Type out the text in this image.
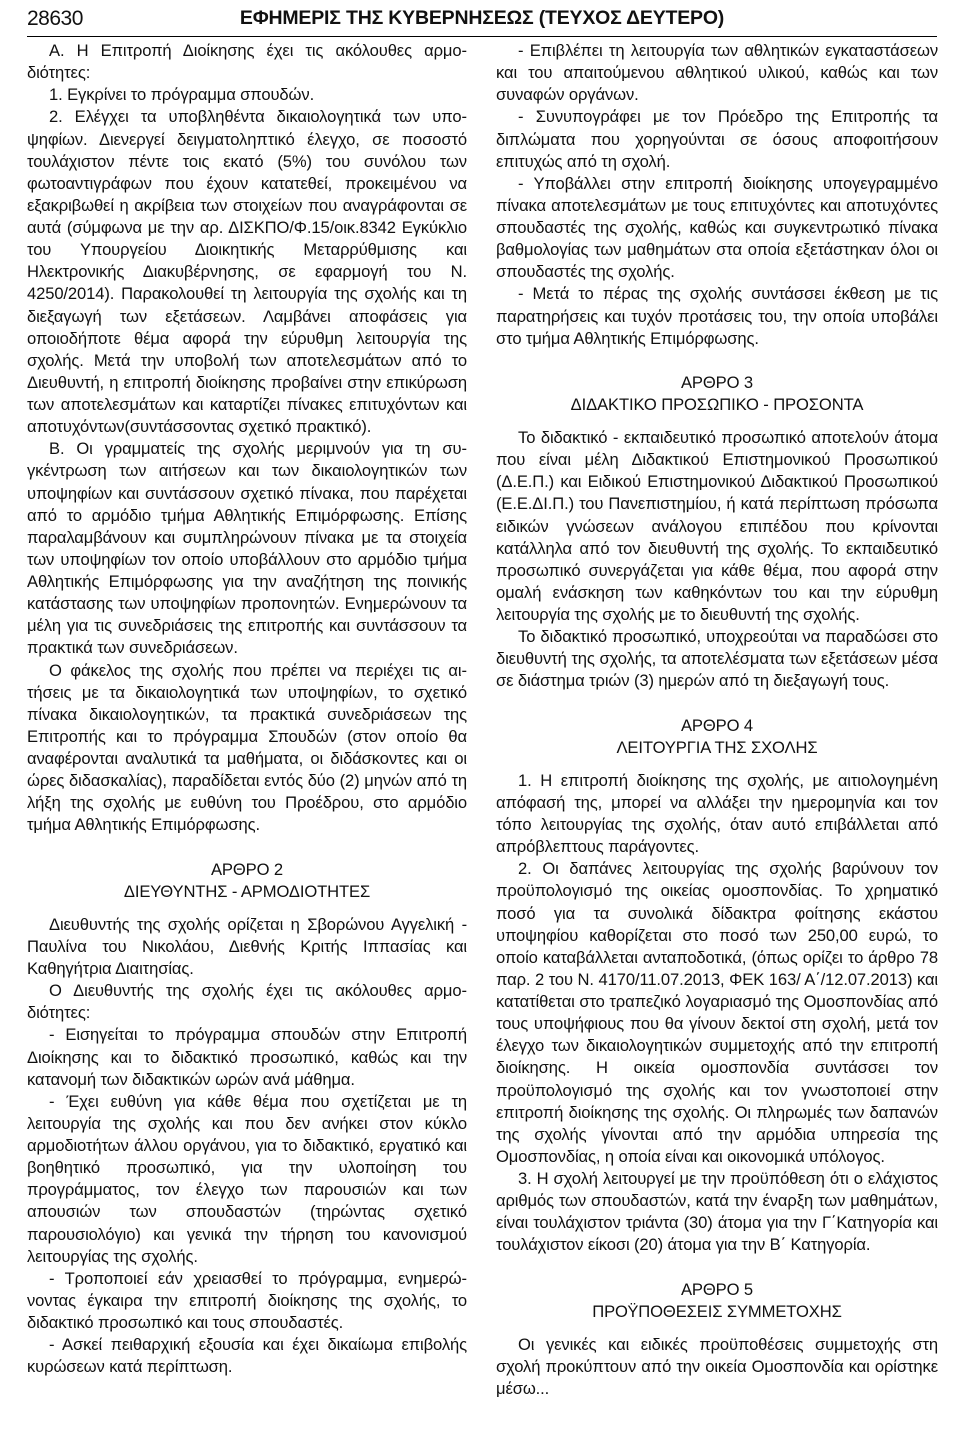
28630	ΕΦΗΜΕΡΙΣ ΤΗΣ ΚΥΒΕΡΝΗΣΕΩΣ (ΤΕΥΧΟΣ ΔΕΥΤΕΡΟ)

A. Η Επιτροπή Διοίκησης έχει τις ακόλουθες αρμοδιότητες:

1. Εγκρίνει το πρόγραμμα σπουδών.

2. Ελέγχει τα υποβληθέντα δικαιολογητικά των υποψηφίων. Διενεργεί δειγματοληπτικό έλεγχο, σε ποσοστό τουλάχιστον πέντε τοις εκατό (5%) του συνόλου των φωτοαντιγράφων που έχουν κατατεθεί, προκειμένου να εξακριβωθεί η ακρίβεια των στοιχείων που αναγράφονται σε αυτά (σύμφωνα με την αρ. ΔΙΣΚΠΟ/Φ.15/οικ.8342 Εγκύκλιο του Υπουργείου Διοικητικής Μεταρρύθμισης και Ηλεκτρονικής Διακυβέρνησης, σε εφαρμογή του Ν. 4250/2014). Παρακολουθεί τη λειτουργία της σχολής και τη διεξαγωγή των εξετάσεων. Λαμβάνει αποφάσεις για οποιοδήποτε θέμα αφορά την εύρυθμη λειτουργία της σχολής. Μετά την υποβολή των αποτελεσμάτων από το Διευθυντή, η επιτροπή διοίκησης προβαίνει στην επικύρωση των αποτελεσμάτων και καταρτίζει πίνακες επιτυχόντων και αποτυχόντων(συντάσσοντας σχετικό πρακτικό).

Β. Οι γραμματείς της σχολής μεριμνούν για τη συγκέντρωση των αιτήσεων και των δικαιολογητικών των υποψηφίων και συντάσσουν σχετικό πίνακα, που παρέχεται από το αρμόδιο τμήμα Αθλητικής Επιμόρφωσης. Επίσης παραλαμβάνουν και συμπληρώνουν πίνακα με τα στοιχεία των υποψηφίων τον οποίο υποβάλλουν στο αρμόδιο τμήμα Αθλητικής Επιμόρφωσης για την αναζήτηση της ποινικής κατάστασης των υποψηφίων προπονητών. Ενημερώνουν τα μέλη για τις συνεδριάσεις της επιτροπής και συντάσσουν τα πρακτικά των συνεδριάσεων.

Ο φάκελος της σχολής που πρέπει να περιέχει τις αιτήσεις με τα δικαιολογητικά των υποψηφίων, το σχετικό πίνακα δικαιολογητικών, τα πρακτικά συνεδριάσεων της Επιτροπής και το πρόγραμμα Σπουδών (στον οποίο θα αναφέρονται αναλυτικά τα μαθήματα, οι διδάσκοντες και οι ώρες διδασκαλίας), παραδίδεται εντός δύο (2) μηνών από τη λήξη της σχολής με ευθύνη του Προέδρου, στο αρμόδιο τμήμα Αθλητικής Επιμόρφωσης.

ΑΡΘΡΟ 2

ΔΙΕΥΘΥΝΤΗΣ - ΑΡΜΟΔΙΟΤΗΤΕΣ

Διευθυντής της σχολής ορίζεται η Σβορώνου Αγγελική - Παυλίνα του Νικολάου, Διεθνής Κριτής Ιππασίας και Καθηγήτρια Διαιτησίας.

Ο Διευθυντής της σχολής έχει τις ακόλουθες αρμοδιότητες:

- Εισηγείται το πρόγραμμα σπουδών στην Επιτροπή Διοίκησης και το διδακτικό προσωπικό, καθώς και την κατανομή των διδακτικών ωρών ανά μάθημα.

- Έχει ευθύνη για κάθε θέμα που σχετίζεται με τη λειτουργία της σχολής και που δεν ανήκει στον κύκλο αρμοδιοτήτων άλλου οργάνου, για το διδακτικό, εργατικό και βοηθητικό προσωπικό, για την υλοποίηση του προγράμματος, τον έλεγχο των παρουσιών και των απουσιών των σπουδαστών (τηρώντας σχετικό παρουσιολόγιο) και γενικά την τήρηση του κανονισμού λειτουργίας της σχολής.

- Τροποποιεί εάν χρειασθεί το πρόγραμμα, ενημερώνοντας έγκαιρα την επιτροπή διοίκησης της σχολής, το διδακτικό προσωπικό και τους σπουδαστές.

- Ασκεί πειθαρχική εξουσία και έχει δικαίωμα επιβολής κυρώσεων κατά περίπτωση.

- Επιβλέπει τη λειτουργία των αθλητικών εγκαταστάσεων και του απαιτούμενου αθλητικού υλικού, καθώς και των συναφών οργάνων.

- Συνυπογράφει με τον Πρόεδρο της Επιτροπής τα διπλώματα που χορηγούνται σε όσους αποφοιτήσουν επιτυχώς από τη σχολή.

- Υποβάλλει στην επιτροπή διοίκησης υπογεγραμμένο πίνακα αποτελεσμάτων με τους επιτυχόντες και αποτυχόντες σπουδαστές της σχολής, καθώς και συγκεντρωτικό πίνακα βαθμολογίας των μαθημάτων στα οποία εξετάστηκαν όλοι οι σπουδαστές της σχολής.

- Μετά το πέρας της σχολής συντάσσει έκθεση με τις παρατηρήσεις και τυχόν προτάσεις του, την οποία υποβάλει στο τμήμα Αθλητικής Επιμόρφωσης.

ΑΡΘΡΟ 3

ΔΙΔΑΚΤΙΚΟ ΠΡΟΣΩΠΙΚΟ - ΠΡΟΣΟΝΤΑ

Το διδακτικό - εκπαιδευτικό προσωπικό αποτελούν άτομα που είναι μέλη Διδακτικού Επιστημονικού Προσωπικού (Δ.Ε.Π.) και Ειδικού Επιστημονικού Διδακτικού Προσωπικού (Ε.Ε.ΔΙ.Π.) του Πανεπιστημίου, ή κατά περίπτωση πρόσωπα ειδικών γνώσεων ανάλογου επιπέδου που κρίνονται κατάλληλα από τον διευθυντή της σχολής. Το εκπαιδευτικό προσωπικό συνεργάζεται για κάθε θέμα, που αφορά στην ομαλή ενάσκηση των καθηκόντων του και την εύρυθμη λειτουργία της σχολής με το διευθυντή της σχολής.

Το διδακτικό προσωπικό, υποχρεούται να παραδώσει στο διευθυντή της σχολής, τα αποτελέσματα των εξετάσεων μέσα σε διάστημα τριών (3) ημερών από τη διεξαγωγή τους.

ΑΡΘΡΟ 4

ΛΕΙΤΟΥΡΓΙΑ ΤΗΣ ΣΧΟΛΗΣ

1. Η επιτροπή διοίκησης της σχολής, με αιτιολογημένη απόφασή της, μπορεί να αλλάξει την ημερομηνία και τον τόπο λειτουργίας της σχολής, όταν αυτό επιβάλλεται από απρόβλεπτους παράγοντες.

2. Οι δαπάνες λειτουργίας της σχολής βαρύνουν τον προϋπολογισμό της οικείας ομοσπονδίας. Το χρηματικό ποσό για τα συνολικά δίδακτρα φοίτησης εκάστου υποψηφίου καθορίζεται στο ποσό των 250,00 ευρώ, το οποίο καταβάλλεται ανταποδοτικά, (όπως ορίζει το άρθρο 78 παρ. 2 του Ν. 4170/11.07.2013, ΦΕΚ 163/ Α΄/12.07.2013) και κατατίθεται στο τραπεζικό λογαριασμό της Ομοσπονδίας από τους υποψήφιους που θα γίνουν δεκτοί στη σχολή, μετά τον έλεγχο των δικαιολογητικών συμμετοχής από την επιτροπή διοίκησης. Η οικεία ομοσπονδία συντάσσει τον προϋπολογισμό της σχολής και τον γνωστοποιεί στην επιτροπή διοίκησης της σχολής. Οι πληρωμές των δαπανών της σχολής γίνονται από την αρμόδια υπηρεσία της Ομοσπονδίας, η οποία είναι και οικονομικά υπόλογος.

3. Η σχολή λειτουργεί με την προϋπόθεση ότι ο ελάχιστος αριθμός των σπουδαστών, κατά την έναρξη των μαθημάτων, είναι τουλάχιστον τριάντα (30) άτομα για την Γ΄Κατηγορία και τουλάχιστον είκοσι (20) άτομα για την Β΄ Κατηγορία.

ΑΡΘΡΟ 5

ΠΡΟΫΠΟΘΕΣΕΙΣ ΣΥΜΜΕΤΟΧΗΣ

Οι γενικές και ειδικές προϋποθέσεις συμμετοχής στη σχολή προκύπτουν από την οικεία Ομοσπονδία και ορίστηκε μέσω...
